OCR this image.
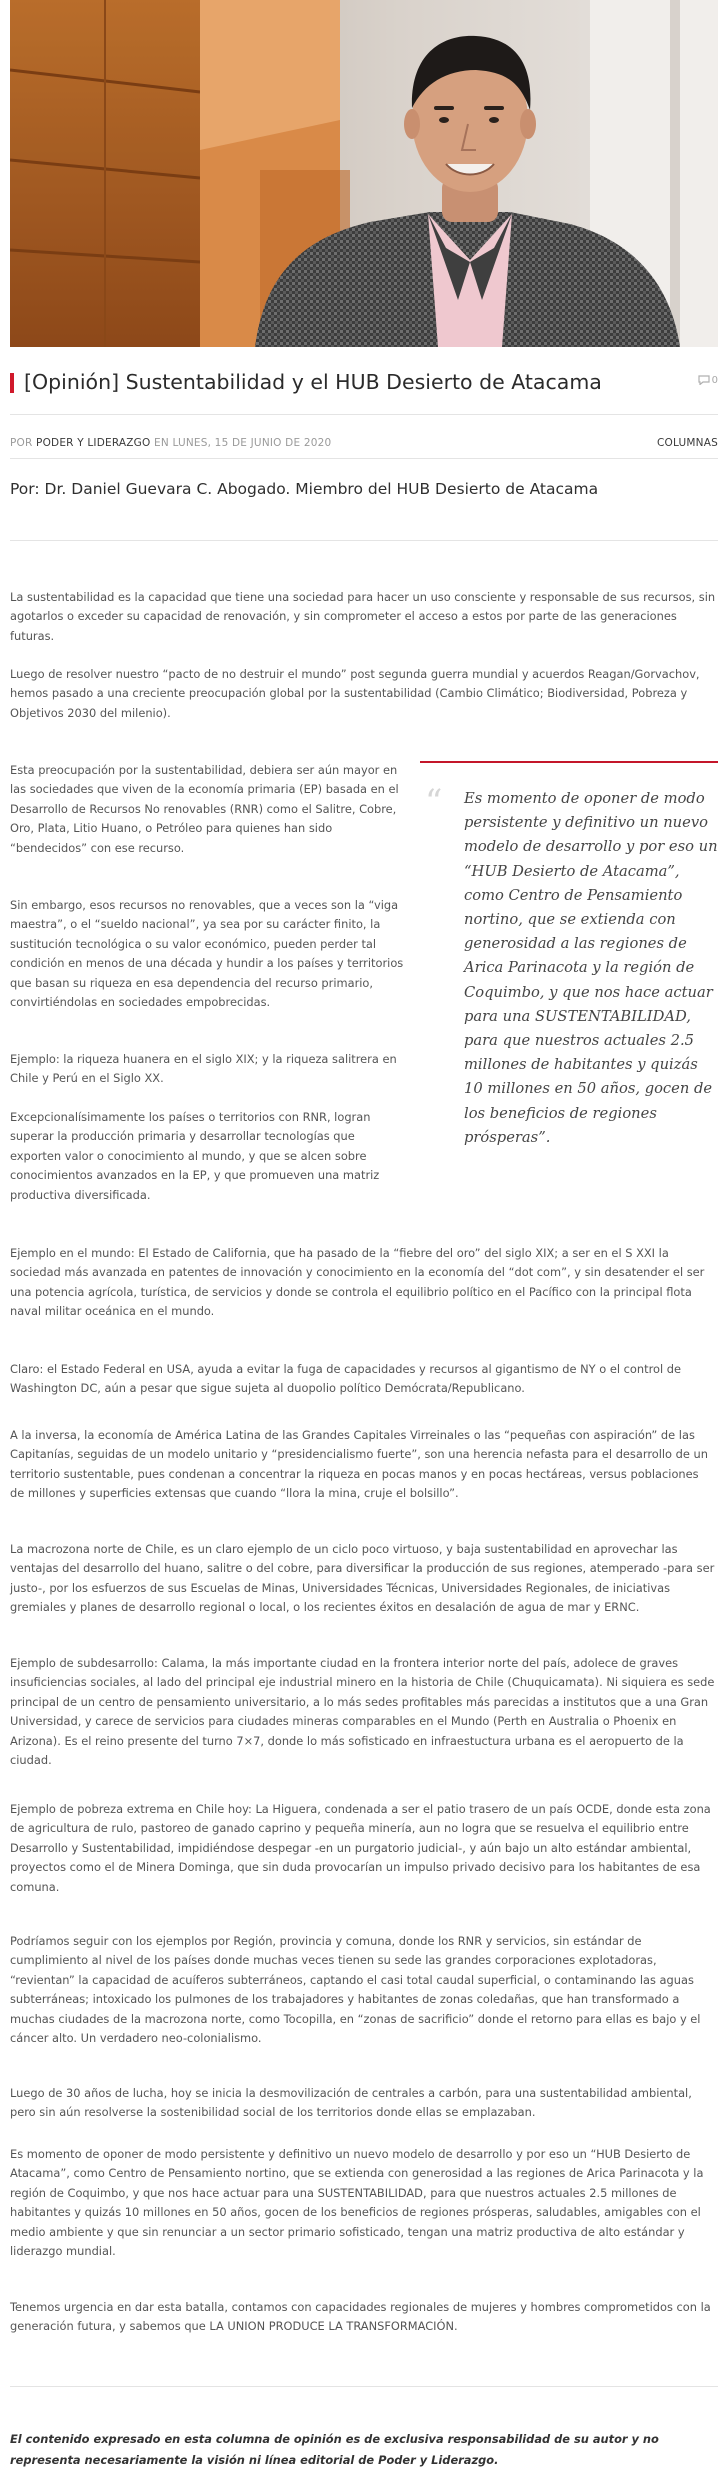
[Opinión] Sustentabilidad y el HUB Desierto de Atacama	0
POR PODER Y LIDERAZGO EN LUNES, 15 DE JUNIO DE 2020	COLUMNAS
Por: Dr. Daniel Guevara C. Abogado. Miembro del HUB Desierto de Atacama

La sustentabilidad es la capacidad que tiene una sociedad para hacer un uso consciente y responsable de sus recursos, sin agotarlos o exceder su capacidad de renovación, y sin comprometer el acceso a estos por parte de las generaciones futuras.

Luego de resolver nuestro “pacto de no destruir el mundo” post segunda guerra mundial y acuerdos Reagan/Gorvachov, hemos pasado a una creciente preocupación global por la sustentabilidad (Cambio Climático; Biodiversidad, Pobreza y Objetivos 2030 del milenio).

Esta preocupación por la sustentabilidad, debiera ser aún mayor en las sociedades que viven de la economía primaria (EP) basada en el Desarrollo de Recursos No renovables (RNR) como el Salitre, Cobre, Oro, Plata, Litio Huano, o Petróleo para quienes han sido “bendecidos” con ese recurso.

Sin embargo, esos recursos no renovables, que a veces son la “viga maestra”, o el “sueldo nacional”, ya sea por su carácter finito, la sustitución tecnológica o su valor económico, pueden perder tal condición en menos de una década y hundir a los países y territorios que basan su riqueza en esa dependencia del recurso primario, convirtiéndolas en sociedades empobrecidas.

Ejemplo: la riqueza huanera en el siglo XIX; y la riqueza salitrera en Chile y Perú en el Siglo XX.

Excepcionalísimamente los países o territorios con RNR, logran superar la producción primaria y desarrollar tecnologías que exporten valor o conocimiento al mundo, y que se alcen sobre conocimientos avanzados en la EP, y que promueven una matriz productiva diversificada.

“ Es momento de oponer de modo persistente y definitivo un nuevo modelo de desarrollo y por eso un “HUB Desierto de Atacama”, como Centro de Pensamiento nortino, que se extienda con generosidad a las regiones de Arica Parinacota y la región de Coquimbo, y que nos hace actuar para una SUSTENTABILIDAD, para que nuestros actuales 2.5 millones de habitantes y quizás 10 millones en 50 años, gocen de los beneficios de regiones prósperas”.

Ejemplo en el mundo: El Estado de California, que ha pasado de la “fiebre del oro” del siglo XIX; a ser en el S XXI la sociedad más avanzada en patentes de innovación y conocimiento en la economía del “dot com”, y sin desatender el ser una potencia agrícola, turística, de servicios y donde se controla el equilibrio político en el Pacífico con la principal flota naval militar oceánica en el mundo.

Claro: el Estado Federal en USA, ayuda a evitar la fuga de capacidades y recursos al gigantismo de NY o el control de Washington DC, aún a pesar que sigue sujeta al duopolio político Demócrata/Republicano.

A la inversa, la economía de América Latina de las Grandes Capitales Virreinales o las “pequeñas con aspiración” de las Capitanías, seguidas de un modelo unitario y “presidencialismo fuerte”, son una herencia nefasta para el desarrollo de un territorio sustentable, pues condenan a concentrar la riqueza en pocas manos y en pocas hectáreas, versus poblaciones de millones y superficies extensas que cuando “llora la mina, cruje el bolsillo”.

La macrozona norte de Chile, es un claro ejemplo de un ciclo poco virtuoso, y baja sustentabilidad en aprovechar las ventajas del desarrollo del huano, salitre o del cobre, para diversificar la producción de sus regiones, atemperado -para ser justo-, por los esfuerzos de sus Escuelas de Minas, Universidades Técnicas, Universidades Regionales, de iniciativas gremiales y planes de desarrollo regional o local, o los recientes éxitos en desalación de agua de mar y ERNC.

Ejemplo de subdesarrollo: Calama, la más importante ciudad en la frontera interior norte del país, adolece de graves insuficiencias sociales, al lado del principal eje industrial minero en la historia de Chile (Chuquicamata). Ni siquiera es sede principal de un centro de pensamiento universitario, a lo más sedes profitables más parecidas a institutos que a una Gran Universidad, y carece de servicios para ciudades mineras comparables en el Mundo (Perth en Australia o Phoenix en Arizona). Es el reino presente del turno 7×7, donde lo más sofisticado en infraestuctura urbana es el aeropuerto de la ciudad.

Ejemplo de pobreza extrema en Chile hoy: La Higuera, condenada a ser el patio trasero de un país OCDE, donde esta zona de agricultura de rulo, pastoreo de ganado caprino y pequeña minería, aun no logra que se resuelva el equilibrio entre Desarrollo y Sustentabilidad, impidiéndose despegar -en un purgatorio judicial-, y aún bajo un alto estándar ambiental, proyectos como el de Minera Dominga, que sin duda provocarían un impulso privado decisivo para los habitantes de esa comuna.

Podríamos seguir con los ejemplos por Región, provincia y comuna, donde los RNR y servicios, sin estándar de cumplimiento al nivel de los países donde muchas veces tienen su sede las grandes corporaciones explotadoras, “revientan” la capacidad de acuíferos subterráneos, captando el casi total caudal superficial, o contaminando las aguas subterráneas; intoxicado los pulmones de los trabajadores y habitantes de zonas coledañas, que han transformado a muchas ciudades de la macrozona norte, como Tocopilla, en “zonas de sacrificio” donde el retorno para ellas es bajo y el cáncer alto. Un verdadero neo-colonialismo.

Luego de 30 años de lucha, hoy se inicia la desmovilización de centrales a carbón, para una sustentabilidad ambiental, pero sin aún resolverse la sostenibilidad social de los territorios donde ellas se emplazaban.

Es momento de oponer de modo persistente y definitivo un nuevo modelo de desarrollo y por eso un “HUB Desierto de Atacama”, como Centro de Pensamiento nortino, que se extienda con generosidad a las regiones de Arica Parinacota y la región de Coquimbo, y que nos hace actuar para una SUSTENTABILIDAD, para que nuestros actuales 2.5 millones de habitantes y quizás 10 millones en 50 años, gocen de los beneficios de regiones prósperas, saludables, amigables con el medio ambiente y que sin renunciar a un sector primario sofisticado, tengan una matriz productiva de alto estándar y liderazgo mundial.

Tenemos urgencia en dar esta batalla, contamos con capacidades regionales de mujeres y hombres comprometidos con la generación futura, y sabemos que LA UNION PRODUCE LA TRANSFORMACIÓN.

El contenido expresado en esta columna de opinión es de exclusiva responsabilidad de su autor y no representa necesariamente la visión ni línea editorial de Poder y Liderazgo.
